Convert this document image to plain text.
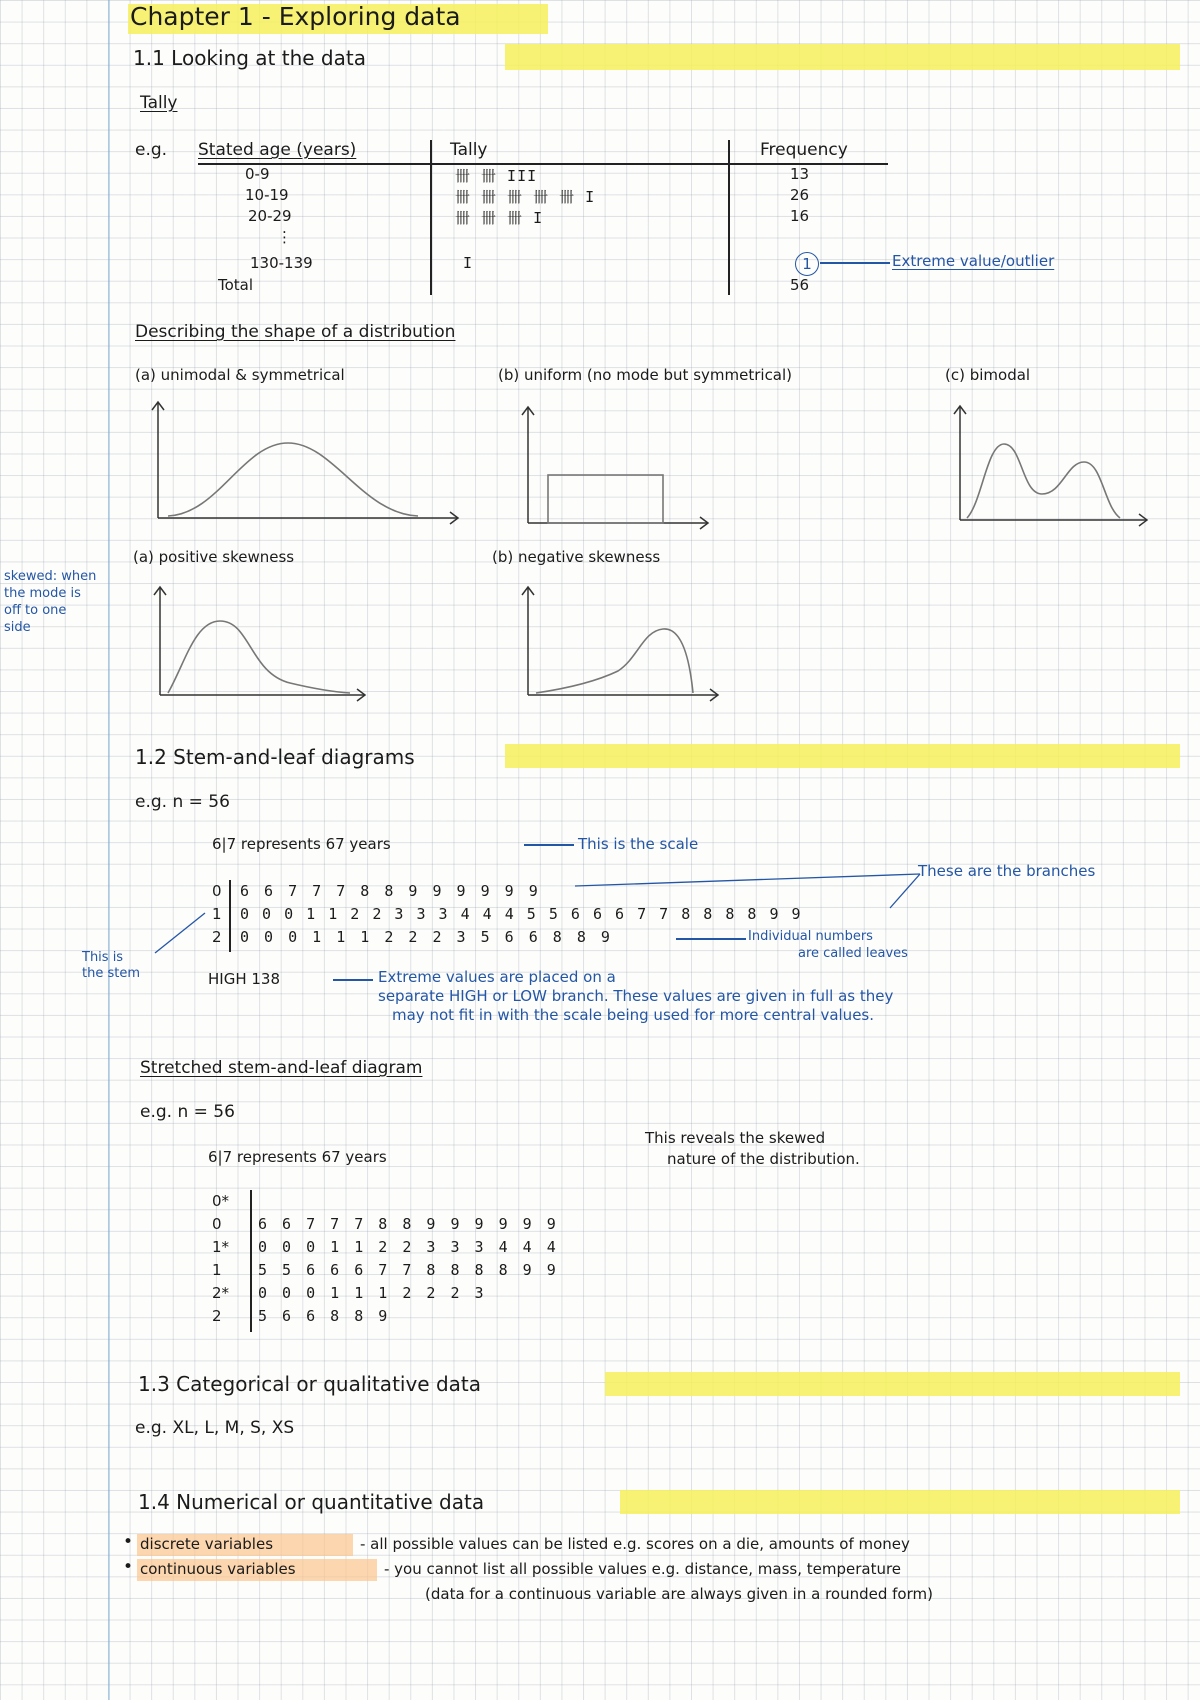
Chapter 1 - Exploring data
1.1 Looking at the data
Tally
e.g. Stated age (years)	Tally	Frequency
0-9	卌 卌 III	13
10-19	卌 卌 卌 卌 卌 I	26
20-29	卌 卌 卌 I	16
⋮
130-139	I	1	Extreme value/outlier
Total	56
Describing the shape of a distribution
(a) unimodal & symmetrical	(b) uniform (no mode but symmetrical)	(c) bimodal
(a) positive skewness	(b) negative skewness
skewed: when
the mode is
off to one
side
1.2 Stem-and-leaf diagrams
e.g. n = 56
6|7 represents 67 years	This is the scale
These are the branches
0 6 6 7 7 7 8 8 9 9 9 9 9 9
1 0 0 0 1 1 2 2 3 3 3 4 4 4 5 5 6 6 6 7 7 8 8 8 8 9 9
2 0 0 0 1 1 1 2 2 2 3 5 6 6 8 8 9	Individual numbers
are called leaves
This is
the stem	HIGH 138	Extreme values are placed on a
separate HIGH or LOW branch. These values are given in full as they
may not fit in with the scale being used for more central values.
Stretched stem-and-leaf diagram
e.g. n = 56
6|7 represents 67 years
This reveals the skewed
nature of the distribution.
0*
0 6 6 7 7 7 8 8 9 9 9 9 9 9
1* 0 0 0 1 1 2 2 3 3 3 4 4 4
1 5 5 6 6 6 7 7 8 8 8 8 9 9
2* 0 0 0 1 1 1 2 2 2 3
2 5 6 6 8 8 9
1.3 Categorical or qualitative data
e.g. XL, L, M, S, XS
1.4 Numerical or quantitative data
• discrete variables	- all possible values can be listed e.g. scores on a die, amounts of money
• continuous variables	- you cannot list all possible values e.g. distance, mass, temperature
(data for a continuous variable are always given in a rounded form)
